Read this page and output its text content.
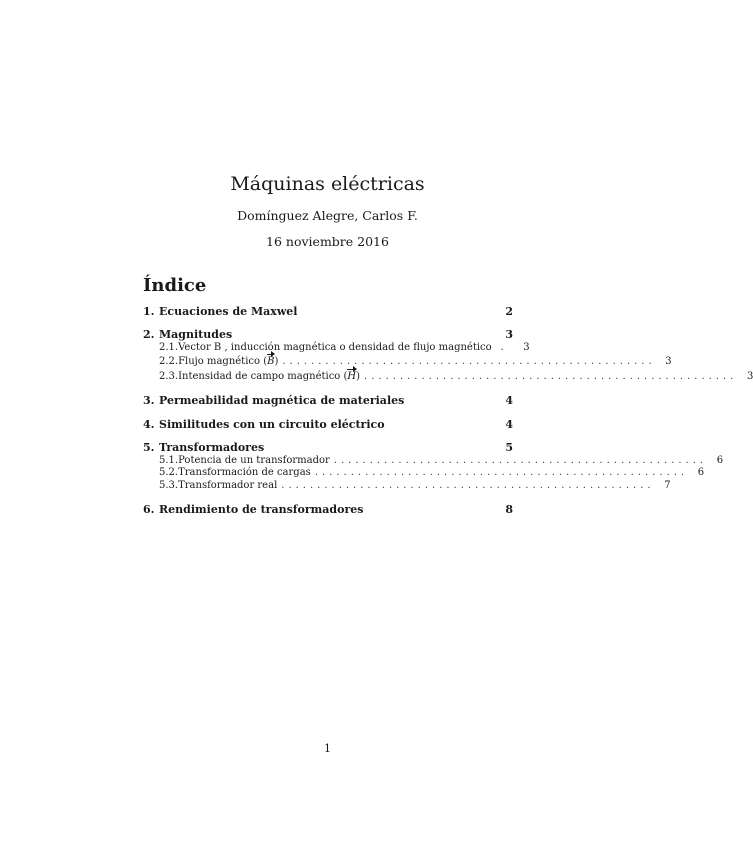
Máquinas eléctricas
Domínguez Alegre, Carlos F.
16 noviembre 2016
Índice
1. Ecuaciones de Maxwel	2
2. Magnitudes	3
2.1. Vector B , inducción magnética o densidad de flujo magnético .	3
2.2. Flujo magnético (B) .................................................... 3
2.3. Intensidad de campo magnético (H) .................................................... 3
3. Permeabilidad magnética de materiales	4
4. Similitudes con un circuito eléctrico	4
5. Transformadores	5
5.1. Potencia de un transformador .................................................... 6
5.2. Transformación de cargas .................................................... 6
5.3. Transformador real .................................................... 7
6. Rendimiento de transformadores	8
1
